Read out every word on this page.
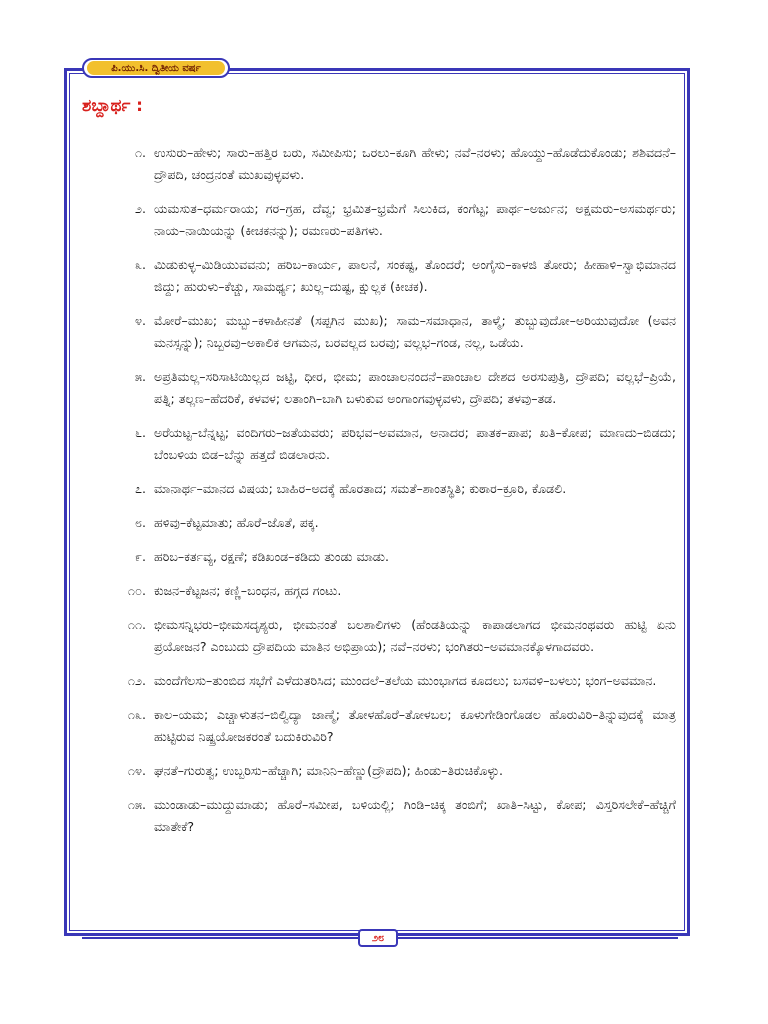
ಪಿ.ಯು.ಸಿ. ದ್ವಿತೀಯ ವರ್ಷ
ಶಬ್ದಾರ್ಥ :
೧. ಉಸುರು–ಹೇಳು; ಸಾರು–ಹತ್ತಿರ ಬರು, ಸಮೀಪಿಸು; ಒರಲು–ಕೂಗಿ ಹೇಳು; ನವೆ–ನರಳು; ಹೊಯ್ದು–ಹೊಡೆದುಕೊಂಡು; ಶಶಿವದನೆ–ದ್ರೌಪದಿ, ಚಂದ್ರನಂತೆ ಮುಖವುಳ್ಳವಳು.
೨. ಯಮಸುತ–ಧರ್ಮರಾಯ; ಗರ–ಗ್ರಹ, ದೆವ್ವ; ಭ್ರಮಿತ–ಭ್ರಮೆಗೆ ಸಿಲುಕಿದ, ಕಂಗೆಟ್ಟ; ಪಾರ್ಥ–ಅರ್ಜುನ; ಅಕ್ಷಮರು–ಅಸಮರ್ಥರು; ನಾಯ–ನಾಯಿಯನ್ನು (ಕೀಚಕನನ್ನು); ರಮಣರು–ಪತಿಗಳು.
೩. ಮಿಡುಕುಳ್ಳ–ಮಿಡಿಯುವವನು; ಹರಿಬ–ಕಾರ್ಯ, ಪಾಲನೆ, ಸಂಕಷ್ಟ, ತೊಂದರೆ; ಅಂಗೈಸು–ಕಾಳಜಿ ತೋರು; ಹೀಹಾಳಿ–ಸ್ವಾಭಿಮಾನದ ಜಿದ್ದು; ಹುರುಳು–ಕೆಚ್ಚು, ಸಾಮರ್ಥ್ಯ; ಖುಲ್ಲ–ದುಷ್ಟ, ಕ್ಷುಲ್ಲಕ (ಕೀಚಕ).
೪. ಮೋರೆ–ಮುಖ; ಮಬ್ಬು–ಕಳಾಹೀನತೆ (ಸಪ್ಪಗಿನ ಮುಖ); ಸಾಮ–ಸಮಾಧಾನ, ತಾಳ್ಮೆ; ತುಬ್ಬುವುದೋ–ಅರಿಯುವುದೋ (ಅವನ ಮನಸ್ಸನ್ನು); ನಿಬ್ಬರವು–ಅಕಾಲಿಕ ಆಗಮನ, ಬರವಲ್ಲದ ಬರವು; ವಲ್ಲಭ–ಗಂಡ, ನಲ್ಲ, ಒಡೆಯ.
೫. ಅಪ್ರತಿಮಲ್ಲ–ಸರಿಸಾಟಿಯಿಲ್ಲದ ಜಟ್ಟಿ, ಧೀರ, ಭೀಮ; ಪಾಂಚಾಲನಂದನೆ–ಪಾಂಚಾಲ ದೇಶದ ಅರಸುಪುತ್ರಿ, ದ್ರೌಪದಿ; ವಲ್ಲಭೆ–ಪ್ರಿಯೆ, ಪತ್ನಿ; ತಲ್ಲಣ–ಹೆದರಿಕೆ, ಕಳವಳ; ಲತಾಂಗಿ–ಬಾಗಿ ಬಳುಕುವ ಅಂಗಾಂಗವುಳ್ಳವಳು, ದ್ರೌಪದಿ; ತಳವು–ತಡ.
೬. ಅರೆಯಟ್ಟ–ಬೆನ್ನಟ್ಟ; ವಂದಿಗರು–ಜತೆಯವರು; ಪರಿಭವ–ಅವಮಾನ, ಅನಾದರ; ಪಾತಕ–ಪಾಪ; ಖತಿ–ಕೋಪ; ಮಾಣದು–ಬಿಡದು; ಬೆಂಬಳಿಯ ಬಿಡ–ಬೆನ್ನು ಹತ್ತದೆ ಬಿಡಲಾರನು.
೭. ಮಾನಾರ್ಥ–ಮಾನದ ವಿಷಯ; ಬಾಹಿರ–ಅದಕ್ಕೆ ಹೊರತಾದ; ಸಮತೆ–ಶಾಂತಸ್ಥಿತಿ; ಕುಠಾರ–ಕ್ರೂರಿ, ಕೊಡಲಿ.
೮. ಹಳಿವು–ಕೆಟ್ಟಮಾತು; ಹೊರೆ–ಜೊತೆ, ಪಕ್ಕ.
೯. ಹರಿಬ–ಕರ್ತವ್ಯ, ರಕ್ಷಣೆ; ಕಡಿಖಂಡ–ಕಡಿದು ತುಂಡು ಮಾಡು.
೧೦. ಕುಜನ–ಕೆಟ್ಟಜನ; ಕಣ್ಣಿ–ಬಂಧನ, ಹಗ್ಗದ ಗಂಟು.
೧೧. ಭೀಮಸನ್ನಿಭರು–ಭೀಮಸದೃಶ್ಯರು, ಭೀಮನಂತೆ ಬಲಶಾಲಿಗಳು (ಹೆಂಡತಿಯನ್ನು ಕಾಪಾಡಲಾಗದ ಭೀಮನಂಥವರು ಹುಟ್ಟಿ ಏನು ಪ್ರಯೋಜನ? ಎಂಬುದು ದ್ರೌಪದಿಯ ಮಾತಿನ ಅಭಿಪ್ರಾಯ); ನವೆ–ನರಳು; ಭಂಗಿತರು–ಅವಮಾನಕ್ಕೊಳಗಾದವರು.
೧೨. ಮಂದೆಗೆಲಸು–ತುಂಬಿದ ಸಭೆಗೆ ಎಳೆದುತರಿಸಿದ; ಮುಂದಲೆ–ತಲೆಯ ಮುಂಭಾಗದ ಕೂದಲು; ಬಸವಳಿ–ಬಳಲು; ಭಂಗ–ಅವಮಾನ.
೧೩. ಕಾಲ–ಯಮ; ಎಚ್ಚಾಳುತನ–ಬಿಲ್ವಿದ್ಯಾ ಜಾಣ್ಮೆ; ತೋಳಹೊರೆ–ತೋಳಬಲ; ಕೂಳುಗೇಡಿಂಗೊಡಲ ಹೊರುವಿರಿ–ತಿನ್ನುವುದಕ್ಕೆ ಮಾತ್ರ ಹುಟ್ಟಿರುವ ನಿಷ್ಪ್ರಯೋಜಕರಂತೆ ಬದುಕಿರುವಿರಿ?
೧೪. ಘನತೆ–ಗುರುತ್ವ; ಉಬ್ಬರಿಸು–ಹೆಚ್ಚಾಗಿ; ಮಾನಿನಿ–ಹೆಣ್ಣು(ದ್ರೌಪದಿ); ಹಿಂಡು–ತಿರುಚಿಕೊಳ್ಳು.
೧೫. ಮುಂಡಾಡು–ಮುದ್ದುಮಾಡು; ಹೊರೆ–ಸಮೀಪ, ಬಳಿಯಲ್ಲಿ; ಗಿಂಡಿ–ಚಿಕ್ಕ ತಂಬಿಗೆ; ಖಾತಿ–ಸಿಟ್ಟು, ಕೋಪ; ವಿಸ್ತರಿಸಲೇಕೆ–ಹೆಚ್ಚಿಗೆ ಮಾತೇಕೆ?
೨೮
